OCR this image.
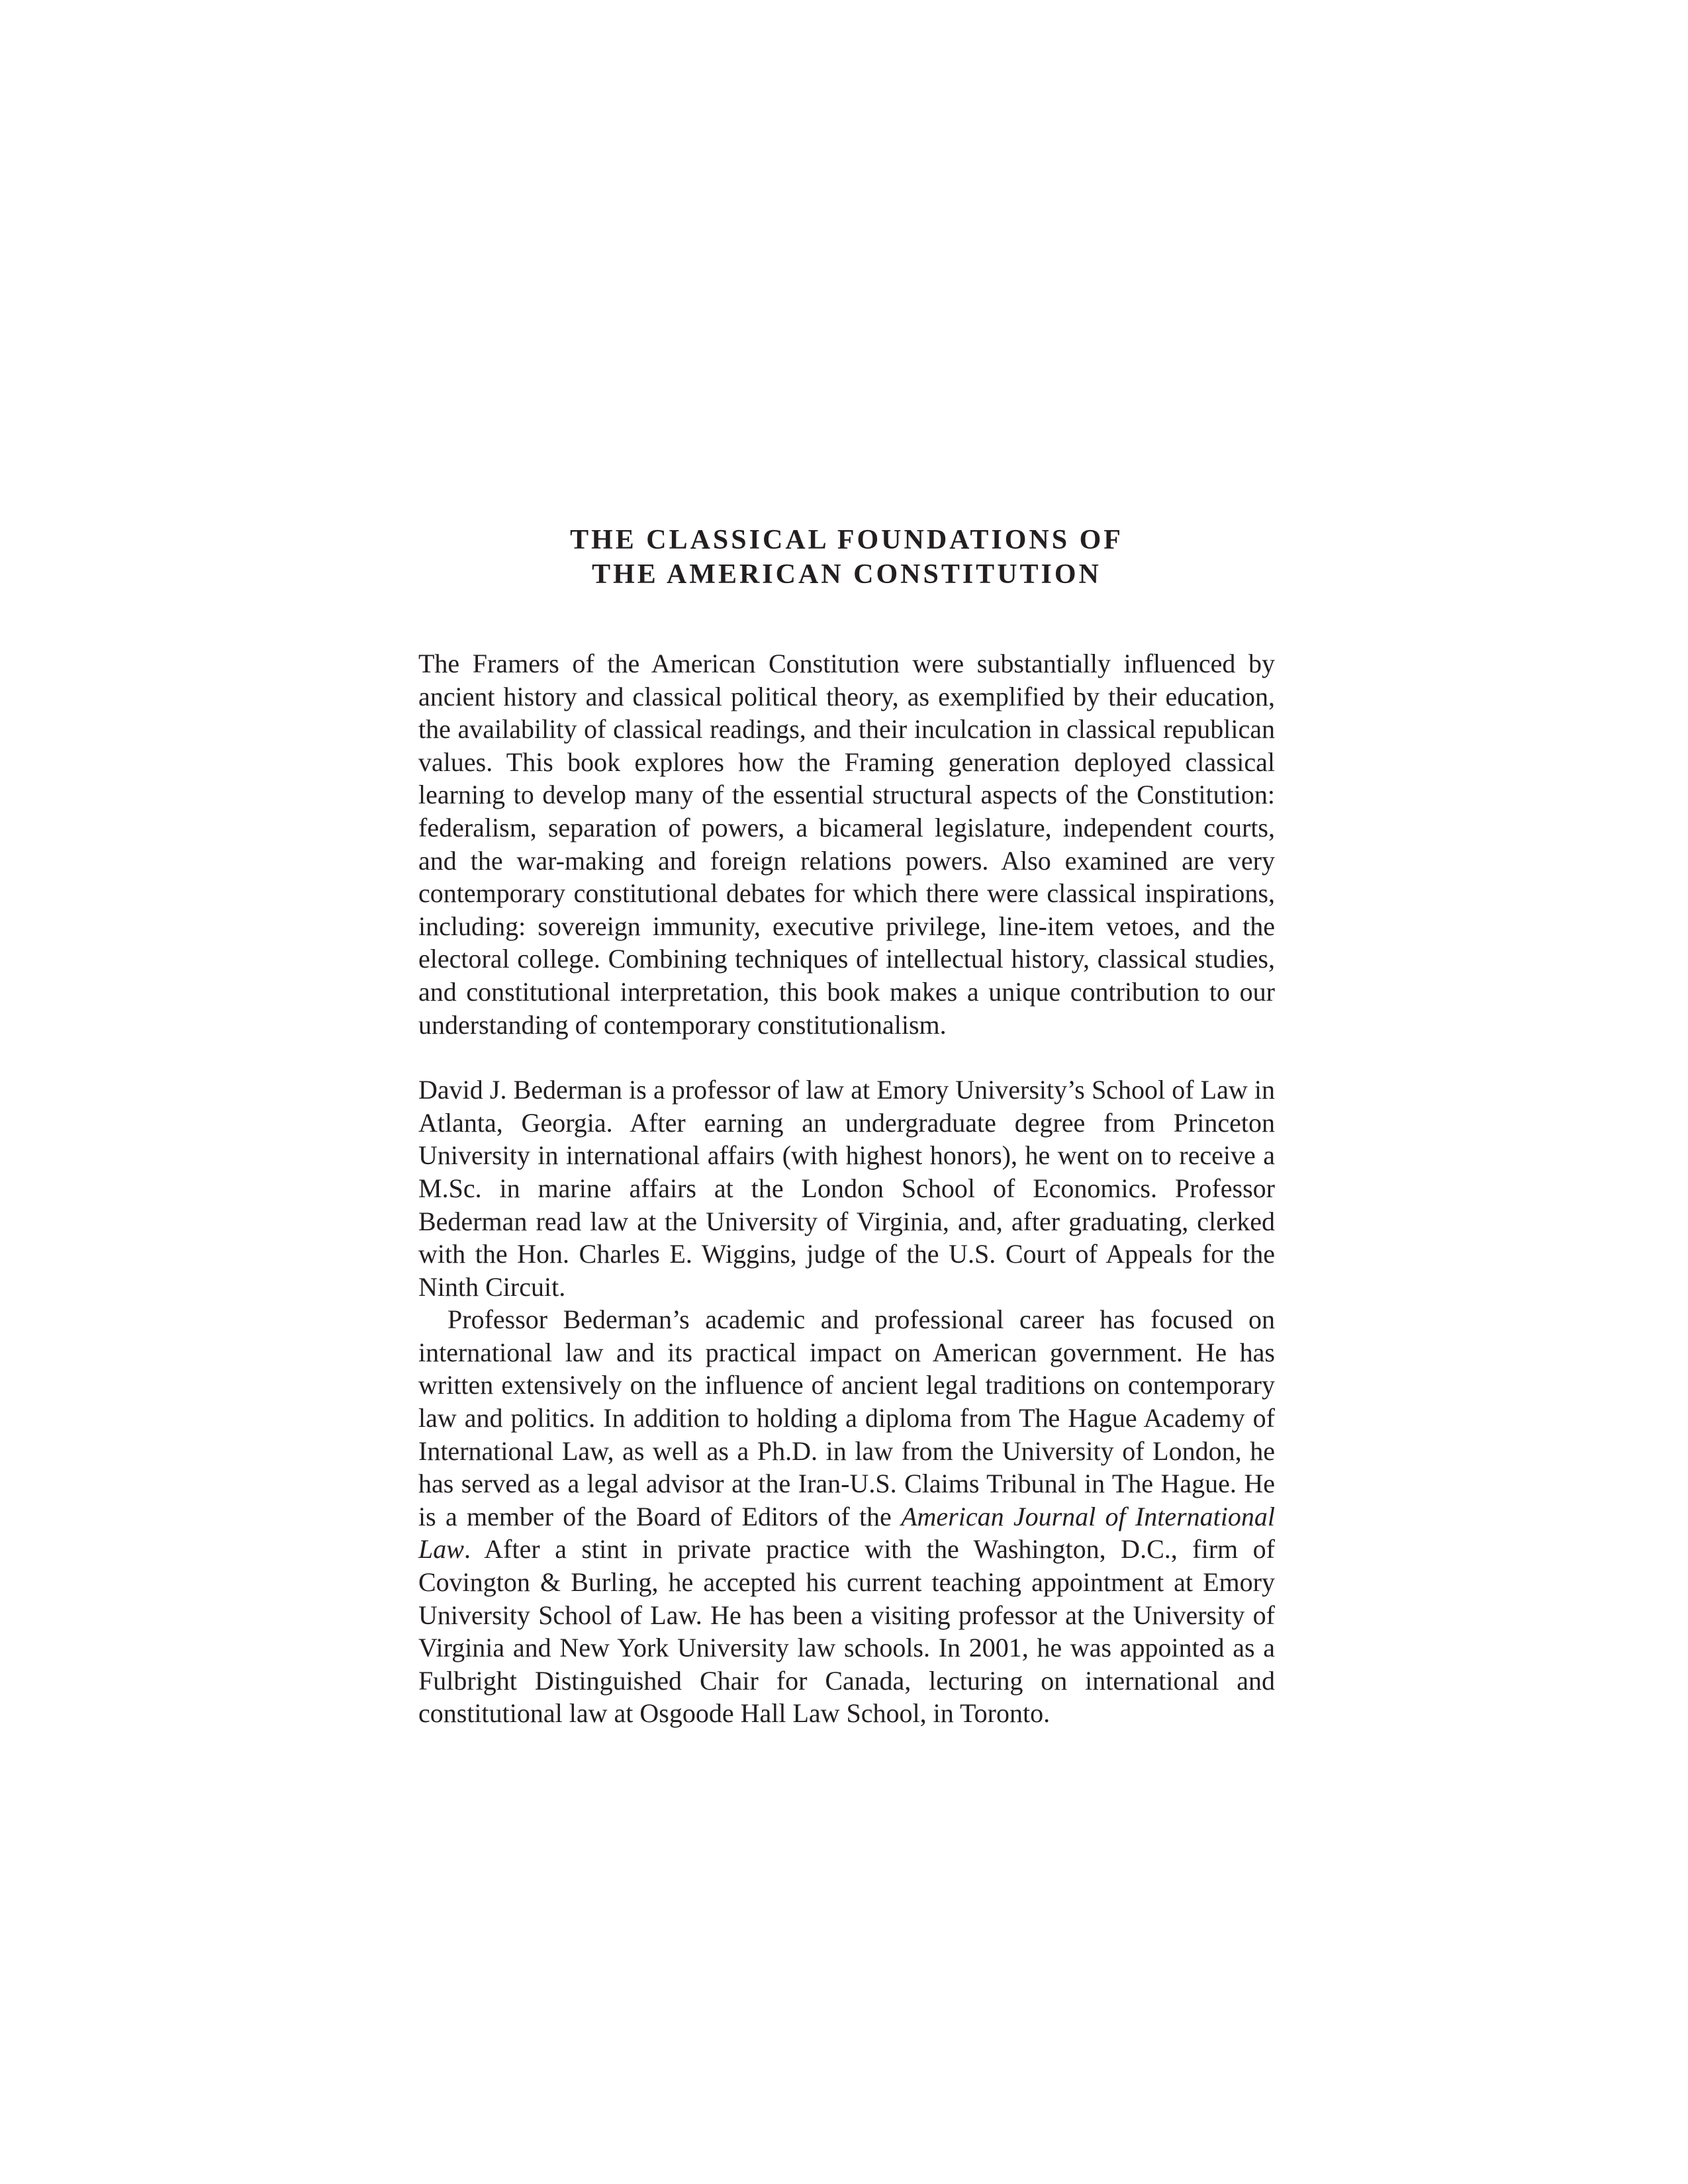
THE CLASSICAL FOUNDATIONS OF
THE AMERICAN CONSTITUTION

The Framers of the American Constitution were substantially influenced by ancient history and classical political theory, as exemplified by their education, the availability of classical readings, and their inculcation in classical republican values. This book explores how the Framing generation deployed classical learning to develop many of the essential structural aspects of the Constitution: federalism, separation of powers, a bicameral legislature, independent courts, and the war-making and foreign relations powers. Also examined are very contemporary constitutional debates for which there were classical inspirations, including: sovereign immunity, executive privilege, line-item vetoes, and the electoral college. Combining techniques of intellectual history, classical studies, and constitutional interpretation, this book makes a unique contribution to our understanding of contemporary constitutionalism.

David J. Bederman is a professor of law at Emory University’s School of Law in Atlanta, Georgia. After earning an undergraduate degree from Princeton University in international affairs (with highest honors), he went on to receive a M.Sc. in marine affairs at the London School of Economics. Professor Bederman read law at the University of Virginia, and, after graduating, clerked with the Hon. Charles E. Wiggins, judge of the U.S. Court of Appeals for the Ninth Circuit.

Professor Bederman’s academic and professional career has focused on international law and its practical impact on American government. He has written extensively on the influence of ancient legal traditions on contemporary law and politics. In addition to holding a diploma from The Hague Academy of International Law, as well as a Ph.D. in law from the University of London, he has served as a legal advisor at the Iran-U.S. Claims Tribunal in The Hague. He is a member of the Board of Editors of the American Journal of International Law. After a stint in private practice with the Washington, D.C., firm of Covington & Burling, he accepted his current teaching appointment at Emory University School of Law. He has been a visiting professor at the University of Virginia and New York University law schools. In 2001, he was appointed as a Fulbright Distinguished Chair for Canada, lecturing on international and constitutional law at Osgoode Hall Law School, in Toronto.
